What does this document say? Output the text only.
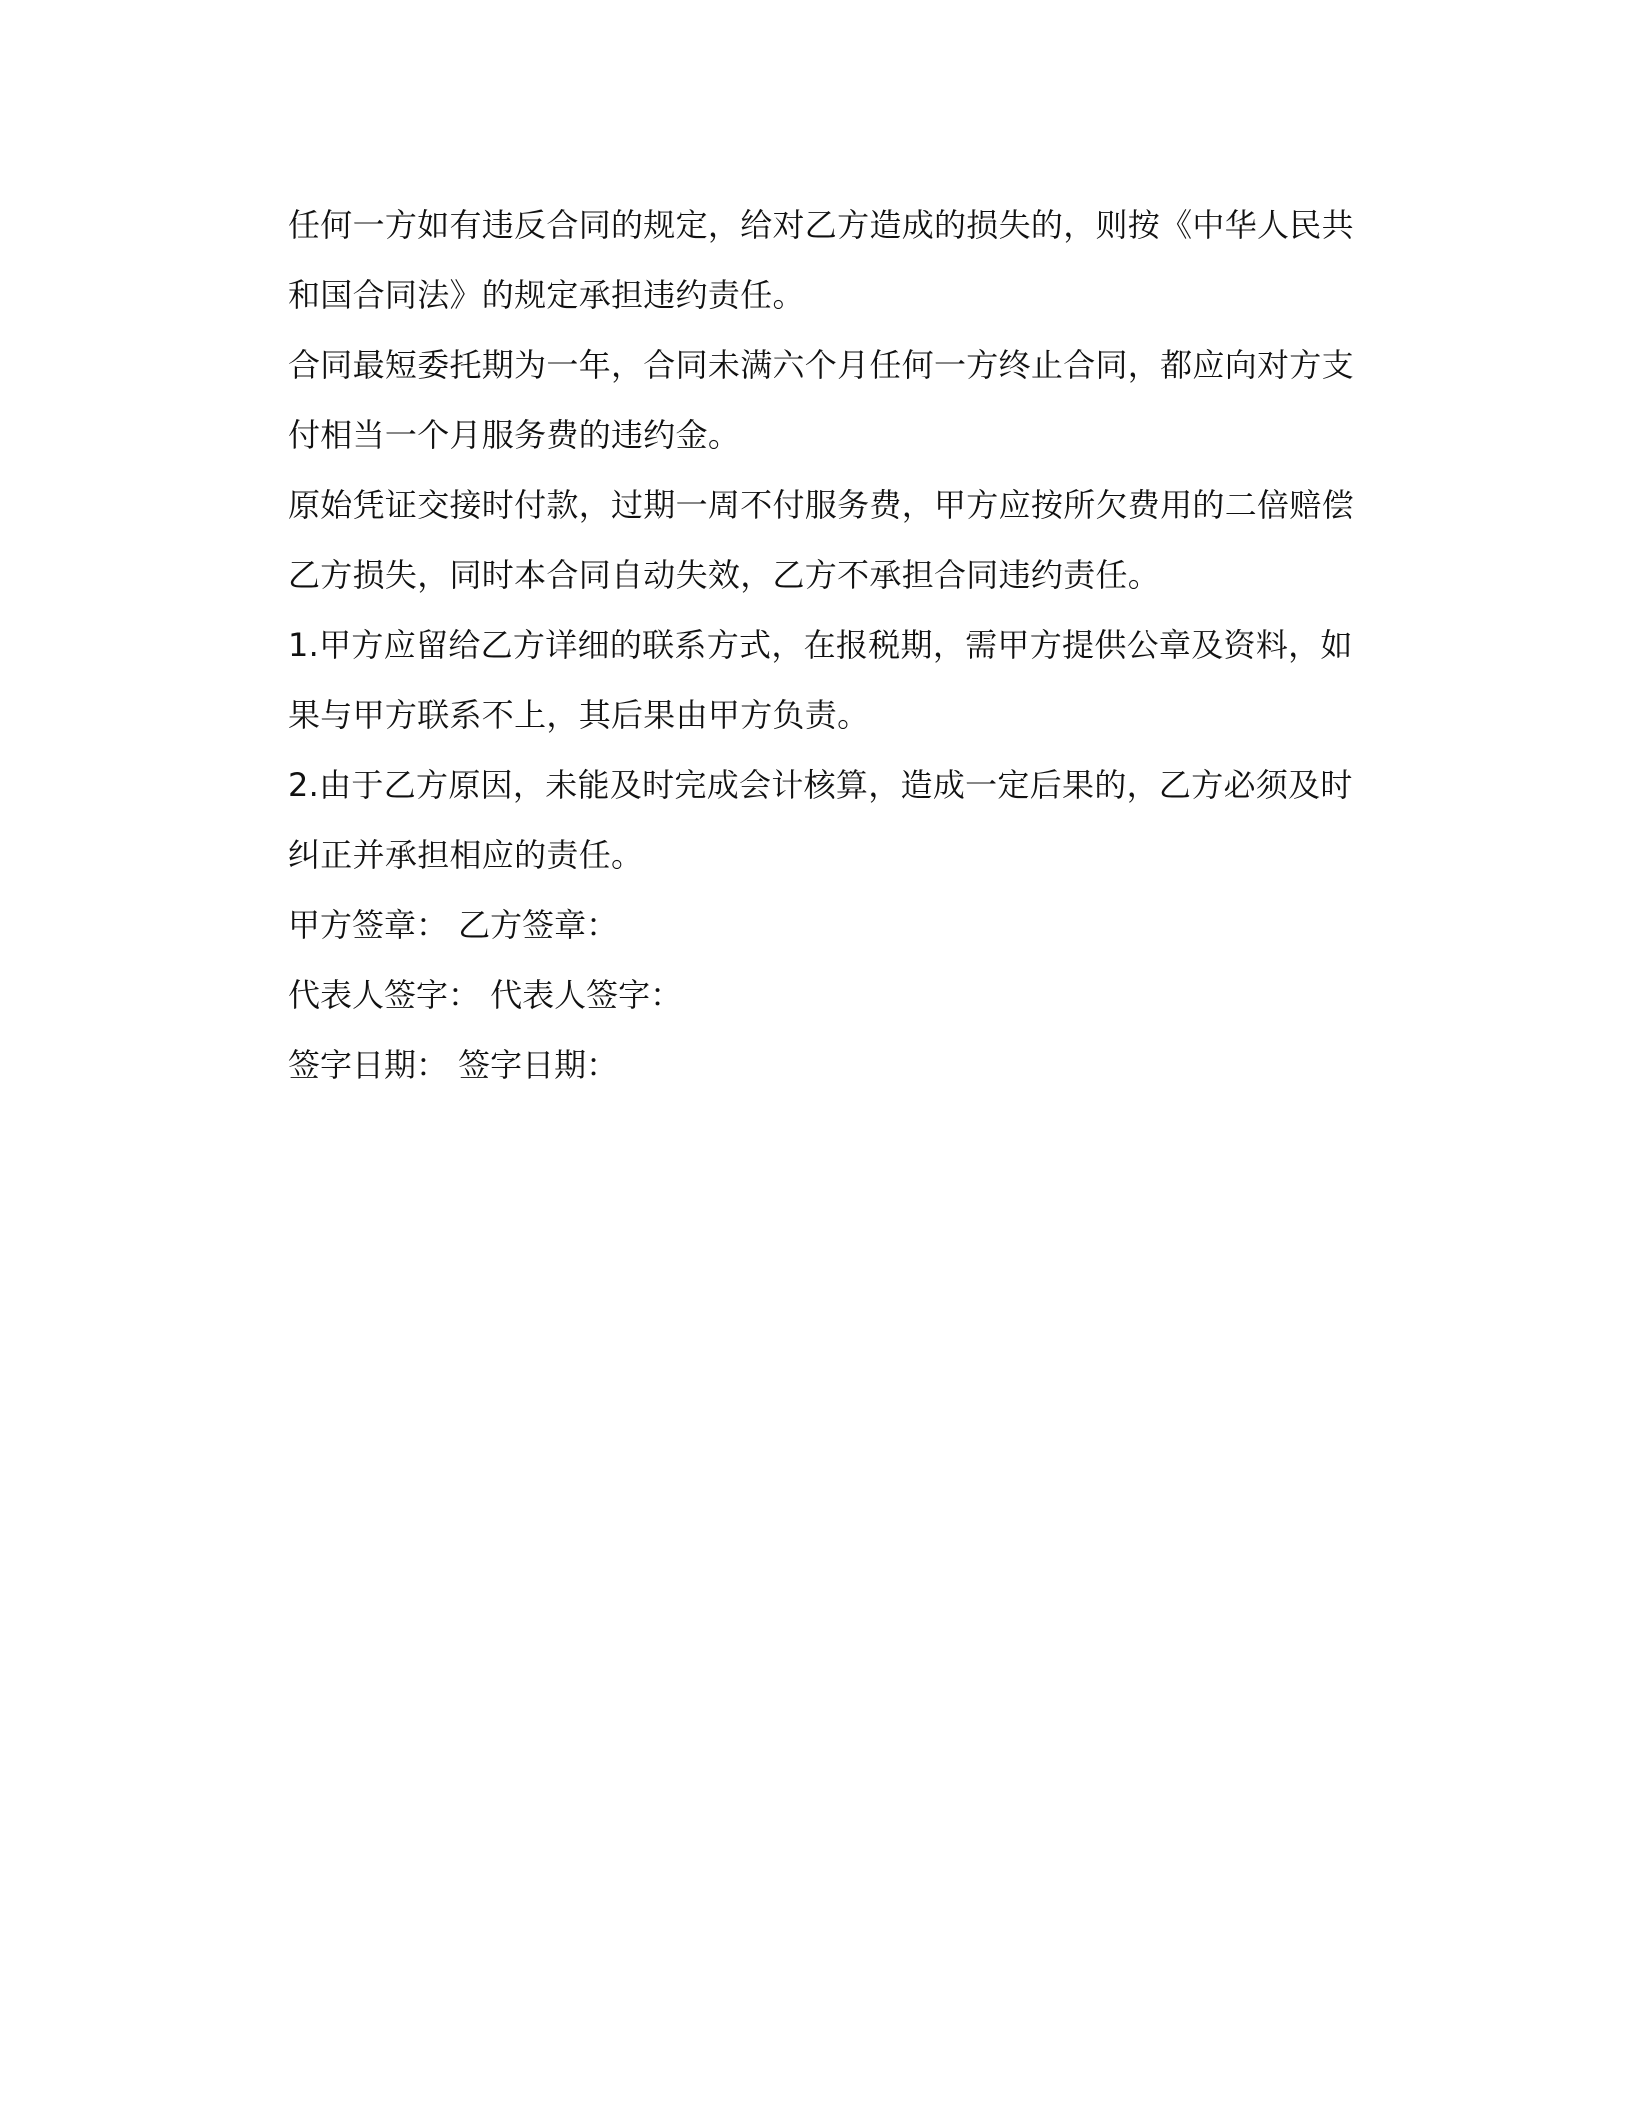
任何一方如有违反合同的规定，给对乙方造成的损失的，则按《中华人民共

和国合同法》的规定承担违约责任。

合同最短委托期为一年，合同未满六个月任何一方终止合同，都应向对方支

付相当一个月服务费的违约金。

原始凭证交接时付款，过期一周不付服务费，甲方应按所欠费用的二倍赔偿

乙方损失，同时本合同自动失效，乙方不承担合同违约责任。

1.甲方应留给乙方详细的联系方式，在报税期，需甲方提供公章及资料，如

果与甲方联系不上，其后果由甲方负责。

2.由于乙方原因，未能及时完成会计核算，造成一定后果的，乙方必须及时

纠正并承担相应的责任。

甲方签章： 乙方签章：

代表人签字： 代表人签字：

签字日期： 签字日期：
